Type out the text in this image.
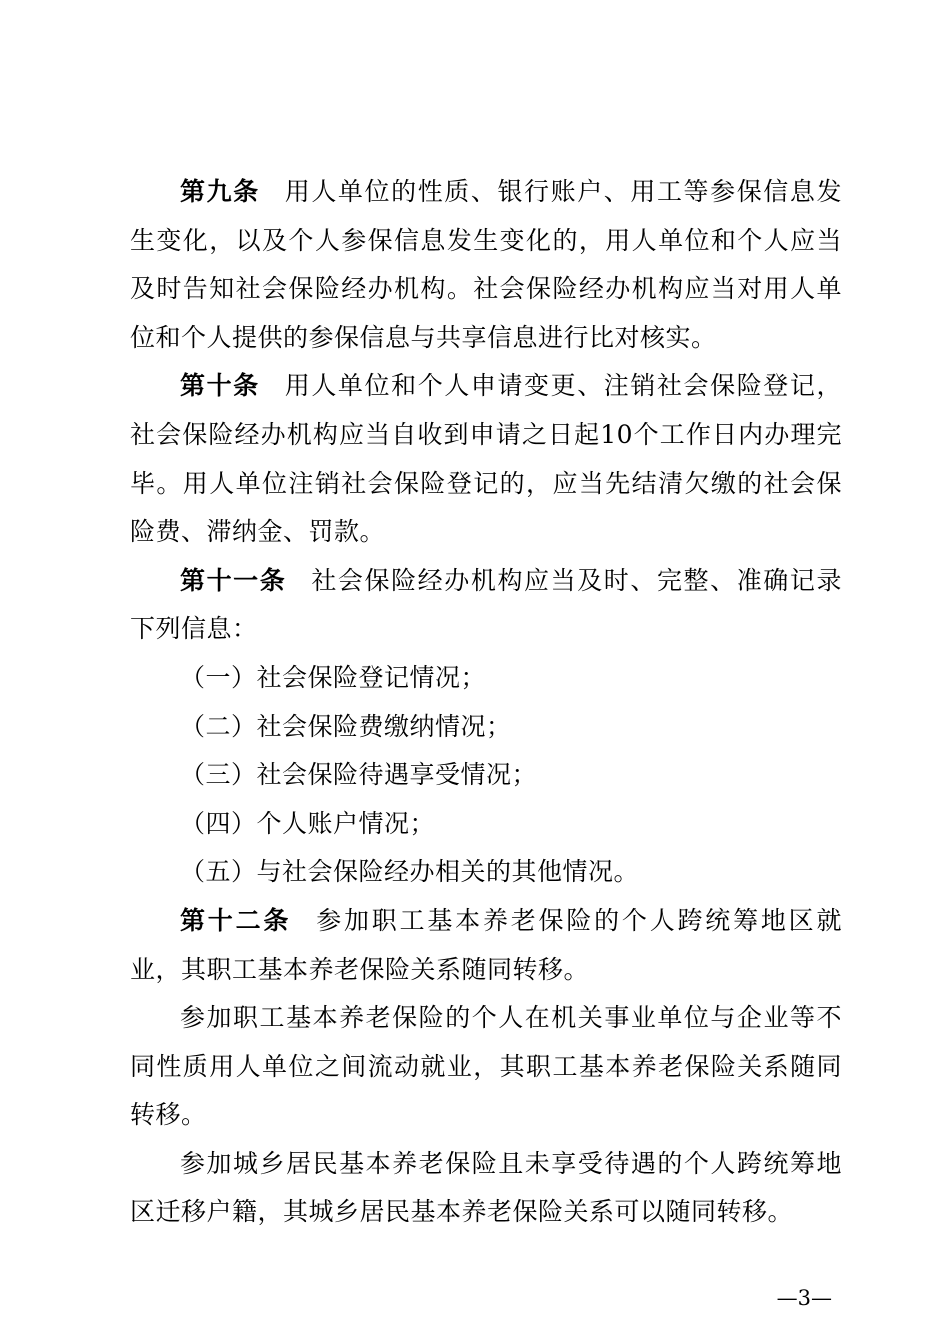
第九条 用人单位的性质、银行账户、用工等参保信息发生变化，以及个人参保信息发生变化的，用人单位和个人应当及时告知社会保险经办机构。社会保险经办机构应当对用人单位和个人提供的参保信息与共享信息进行比对核实。

第十条 用人单位和个人申请变更、注销社会保险登记，社会保险经办机构应当自收到申请之日起10个工作日内办理完毕。用人单位注销社会保险登记的，应当先结清欠缴的社会保险费、滞纳金、罚款。

第十一条 社会保险经办机构应当及时、完整、准确记录下列信息：

（一）社会保险登记情况；

（二）社会保险费缴纳情况；

（三）社会保险待遇享受情况；

（四）个人账户情况；

（五）与社会保险经办相关的其他情况。

第十二条 参加职工基本养老保险的个人跨统筹地区就业，其职工基本养老保险关系随同转移。

参加职工基本养老保险的个人在机关事业单位与企业等不同性质用人单位之间流动就业，其职工基本养老保险关系随同转移。

参加城乡居民基本养老保险且未享受待遇的个人跨统筹地区迁移户籍，其城乡居民基本养老保险关系可以随同转移。

—3—
